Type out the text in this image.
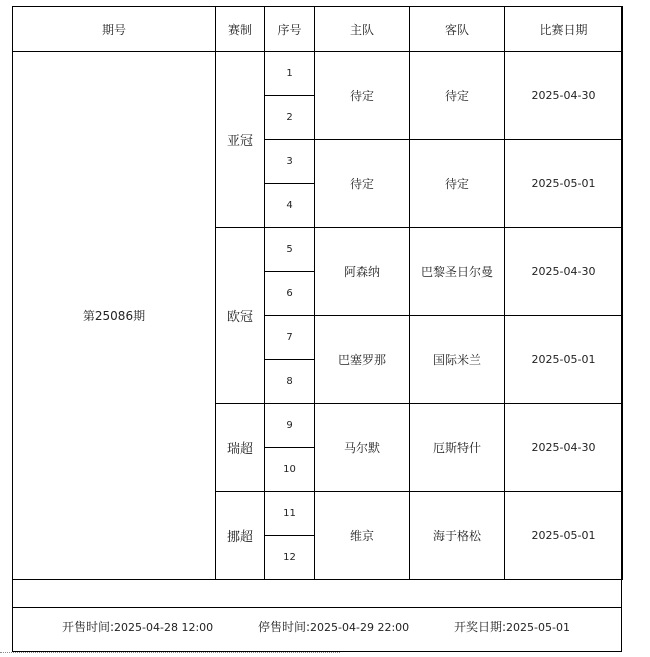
期号	赛制	序号	主队	客队	比赛日期
第25086期	亚冠	1	待定	待定	2025-04-30
		2			
		3	待定	待定	2025-05-01
		4			
	欧冠	5	阿森纳	巴黎圣日尔曼	2025-04-30
		6			
		7	巴塞罗那	国际米兰	2025-05-01
		8			
	瑞超	9	马尔默	厄斯特什	2025-04-30
		10			
	挪超	11	维京	海于格松	2025-05-01
		12			
开售时间:2025-04-28 12:00	停售时间:2025-04-29 22:00	开奖日期:2025-05-01
